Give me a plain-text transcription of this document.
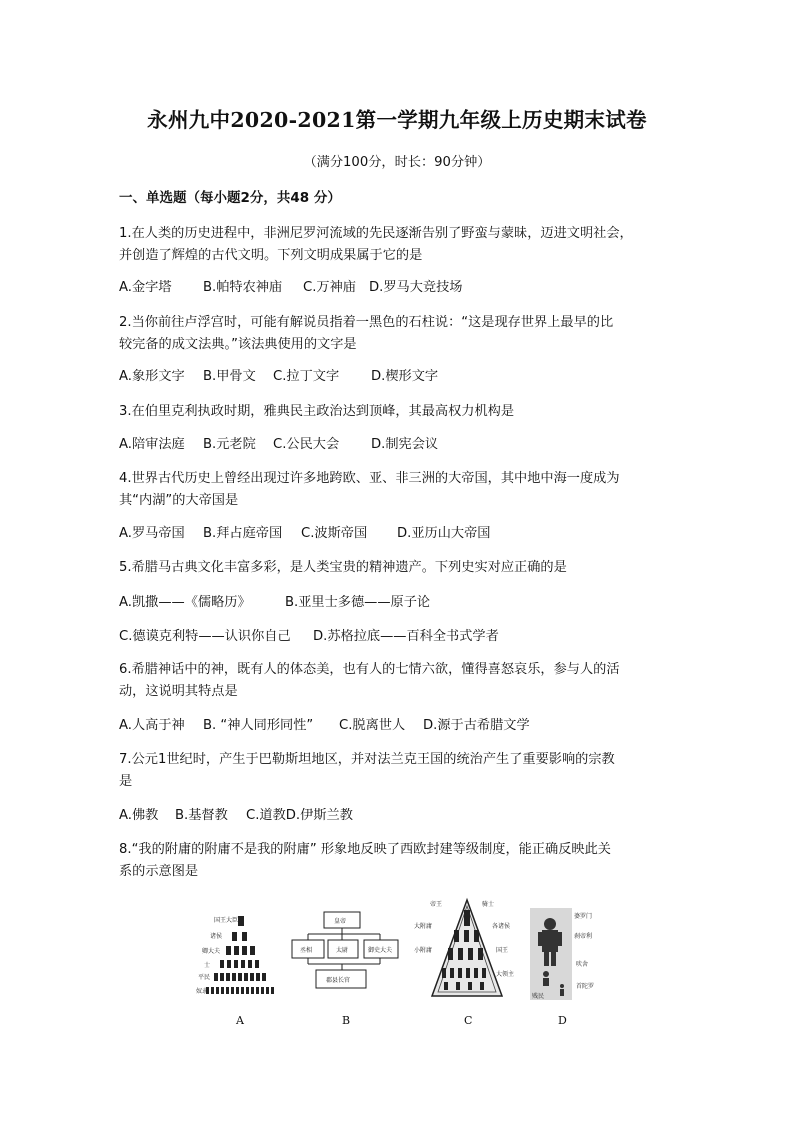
永州九中2020-2021第一学期九年级上历史期末试卷
（满分100分，时长：90分钟）
一、单选题（每小题2分，共48 分）
1.在人类的历史进程中，非洲尼罗河流域的先民逐渐告别了野蛮与蒙昧，迈进文明社会，
并创造了辉煌的古代文明。下列文明成果属于它的是
A.金字塔 B.帕特农神庙 C.万神庙 D.罗马大竞技场
2.当你前往卢浮宫时，可能有解说员指着一黑色的石柱说：“这是现存世界上最早的比
较完备的成文法典。”该法典使用的文字是
A.象形文字 B.甲骨文 C.拉丁文字 D.楔形文字
3.在伯里克利执政时期，雅典民主政治达到顶峰，其最高权力机构是
A.陪审法庭 B.元老院 C.公民大会 D.制宪会议
4.世界古代历史上曾经出现过许多地跨欧、亚、非三洲的大帝国，其中地中海一度成为
其“内湖”的大帝国是
A.罗马帝国 B.拜占庭帝国 C.波斯帝国 D.亚历山大帝国
5.希腊马古典文化丰富多彩，是人类宝贵的精神遗产。下列史实对应正确的是
A.凯撒——《儒略历》	B.亚里士多德——原子论
C.德谟克利特——认识你自己 D.苏格拉底——百科全书式学者
6.希腊神话中的神，既有人的体态美，也有人的七情六欲，懂得喜怒哀乐，参与人的活
动，这说明其特点是
A.人高于神 B. “神人同形同性” C.脱离世人 D.源于古希腊文学
7.公元1世纪时，产生于巴勒斯坦地区，并对法兰克王国的统治产生了重要影响的宗教
是
A.佛教 B.基督教 C.道教D.伊斯兰教
8.“我的附庸的附庸不是我的附庸” 形象地反映了西欧封建等级制度，能正确反映此关
系的示意图是
国王大臣
诸侯
卿大夫
士
平民
奴隶
皇帝
丞相	太尉	御史大夫
郡县长官
帝王	骑士
大附庸
小附庸
各诸侯
国王
大领主
婆罗门
刹帝利
吠舍
首陀罗
贱民
A	B	C	D
